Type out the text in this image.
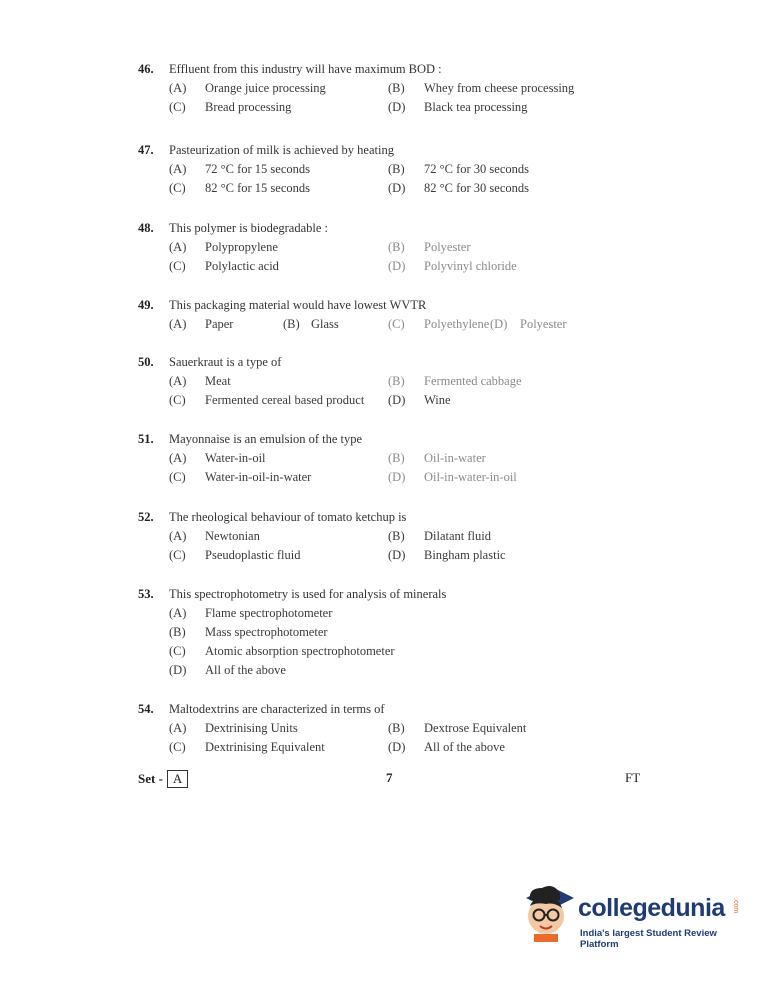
46. Effluent from this industry will have maximum BOD :
(A) Orange juice processing	(B) Whey from cheese processing
(C) Bread processing	(D) Black tea processing
47. Pasteurization of milk is achieved by heating
(A) 72 °C for 15 seconds	(B) 72 °C for 30 seconds
(C) 82 °C for 15 seconds	(D) 82 °C for 30 seconds
48. This polymer is biodegradable :
(A) Polypropylene	(B) Polyester
(C) Polylactic acid	(D) Polyvinyl chloride
49. This packaging material would have lowest WVTR
(A) Paper	(B) Glass	(C) Polyethylene (D) Polyester
50. Sauerkraut is a type of
(A) Meat	(B) Fermented cabbage
(C) Fermented cereal based product (D) Wine
51. Mayonnaise is an emulsion of the type
(A) Water-in-oil	(B) Oil-in-water
(C) Water-in-oil-in-water	(D) Oil-in-water-in-oil
52. The rheological behaviour of tomato ketchup is
(A) Newtonian	(B) Dilatant fluid
(C) Pseudoplastic fluid	(D) Bingham plastic
53. This spectrophotometry is used for analysis of minerals
(A) Flame spectrophotometer
(B) Mass spectrophotometer
(C) Atomic absorption spectrophotometer
(D) All of the above
54. Maltodextrins are characterized in terms of
(A) Dextrinising Units	(B) Dextrose Equivalent
(C) Dextrinising Equivalent	(D) All of the above
Set - A	7	FT
collegedunia .com
India's largest Student Review Platform
